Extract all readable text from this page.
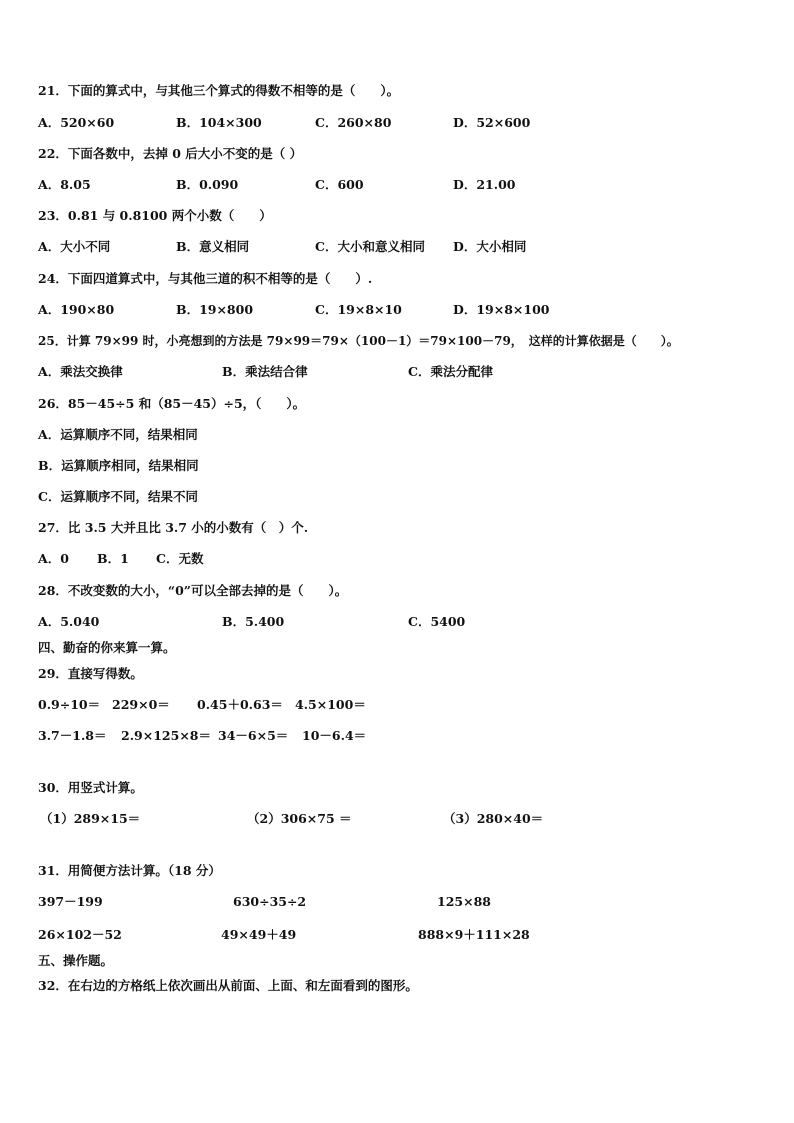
21．下面的算式中，与其他三个算式的得数不相等的是（　　）。
A．520×60	B．104×300	C．260×80	D．52×600
22．下面各数中，去掉 0 后大小不变的是（ ）
A．8.05	B．0.090	C．600	D．21.00
23．0.81 与 0.8100 两个小数（　　）
A．大小不同	B．意义相同	C．大小和意义相同 D．大小相同
24．下面四道算式中，与其他三道的积不相等的是（　　）.
A．190×80	B．19×800	C．19×8×10	D．19×8×100
25．计算 79×99 时，小亮想到的方法是 79×99＝79×（100－1）＝79×100－79，　这样的计算依据是（　　）。
A．乘法交换律	B．乘法结合律	C．乘法分配律
26．85－45÷5 和（85－45）÷5，（　　）。
A．运算顺序不同，结果相同
B．运算顺序相同，结果相同
C．运算顺序不同，结果不同
27．比 3.5 大并且比 3.7 小的小数有（　）个.
A．0 B．1 C．无数
28．不改变数的大小，“0”可以全部去掉的是（　　）。
A．5.040	B．5.400	C．5400
四、勤奋的你来算一算。
29．直接写得数。
0.9÷10＝ 229×0＝ 0.45＋0.63＝ 4.5×100＝
3.7－1.8＝ 2.9×125×8＝ 34－6×5＝ 10－6.4＝
30．用竖式计算。
（1）289×15＝	（2）306×75 ＝	（3）280×40＝
31．用简便方法计算。（18 分）
397－199	630÷35÷2	125×88
26×102－52	49×49＋49	888×9＋111×28
五、操作题。
32．在右边的方格纸上依次画出从前面、上面、和左面看到的图形。
